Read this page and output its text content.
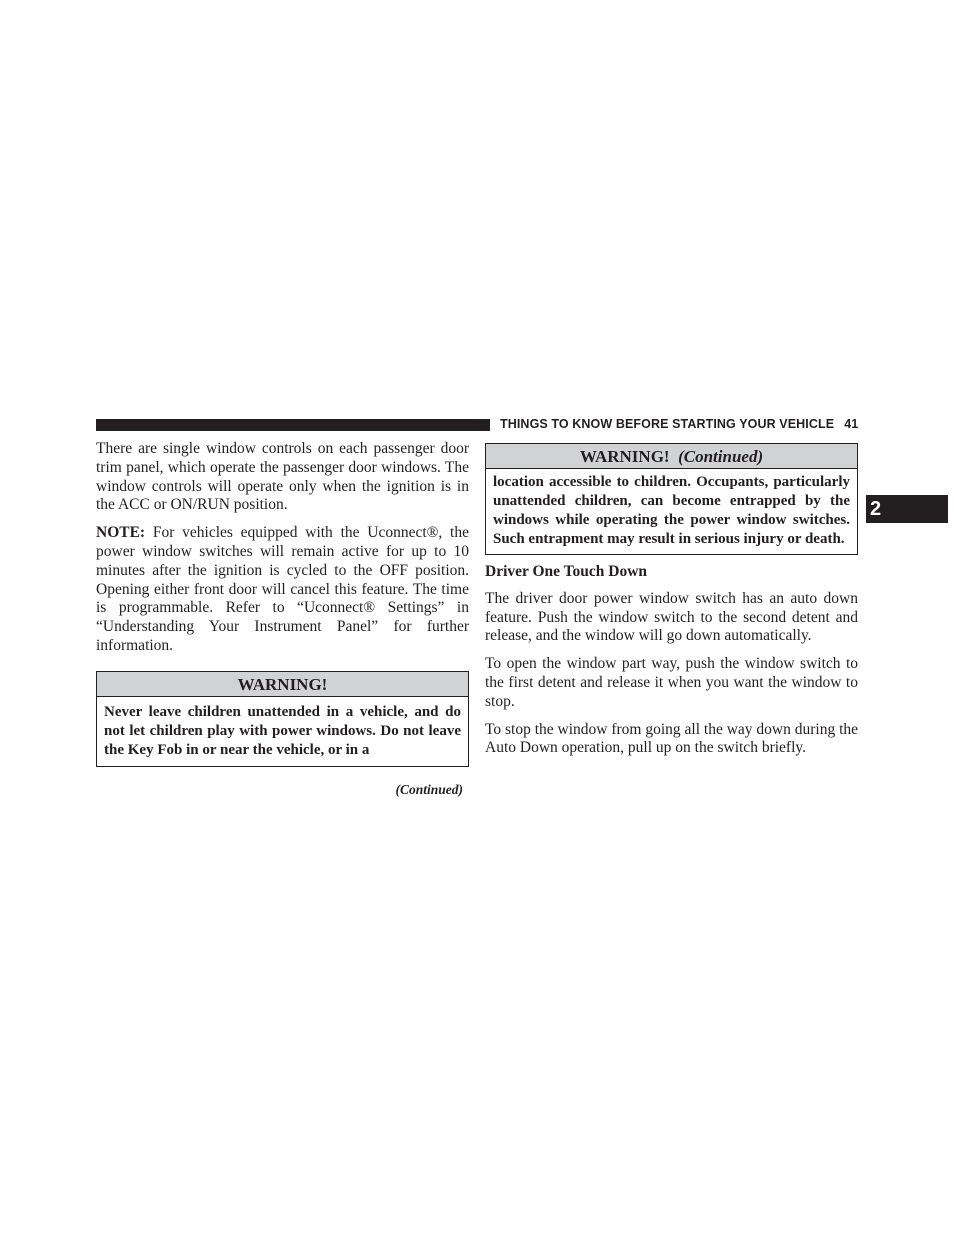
THINGS TO KNOW BEFORE STARTING YOUR VEHICLE 41
2

There are single window controls on each passenger door trim panel, which operate the passenger door windows. The window controls will operate only when the ignition is in the ACC or ON/RUN position.

NOTE: For vehicles equipped with the Uconnect®, the power window switches will remain active for up to 10 minutes after the ignition is cycled to the OFF position. Opening either front door will cancel this feature. The time is programmable. Refer to “Uconnect® Settings” in “Understanding Your Instrument Panel” for further information.

WARNING!
Never leave children unattended in a vehicle, and do not let children play with power windows. Do not leave the Key Fob in or near the vehicle, or in a
(Continued)
WARNING! (Continued)
location accessible to children. Occupants, particularly unattended children, can become entrapped by the windows while operating the power window switches. Such entrapment may result in serious injury or death.
Driver One Touch Down

The driver door power window switch has an auto down feature. Push the window switch to the second detent and release, and the window will go down automatically.

To open the window part way, push the window switch to the first detent and release it when you want the window to stop.

To stop the window from going all the way down during the Auto Down operation, pull up on the switch briefly.
